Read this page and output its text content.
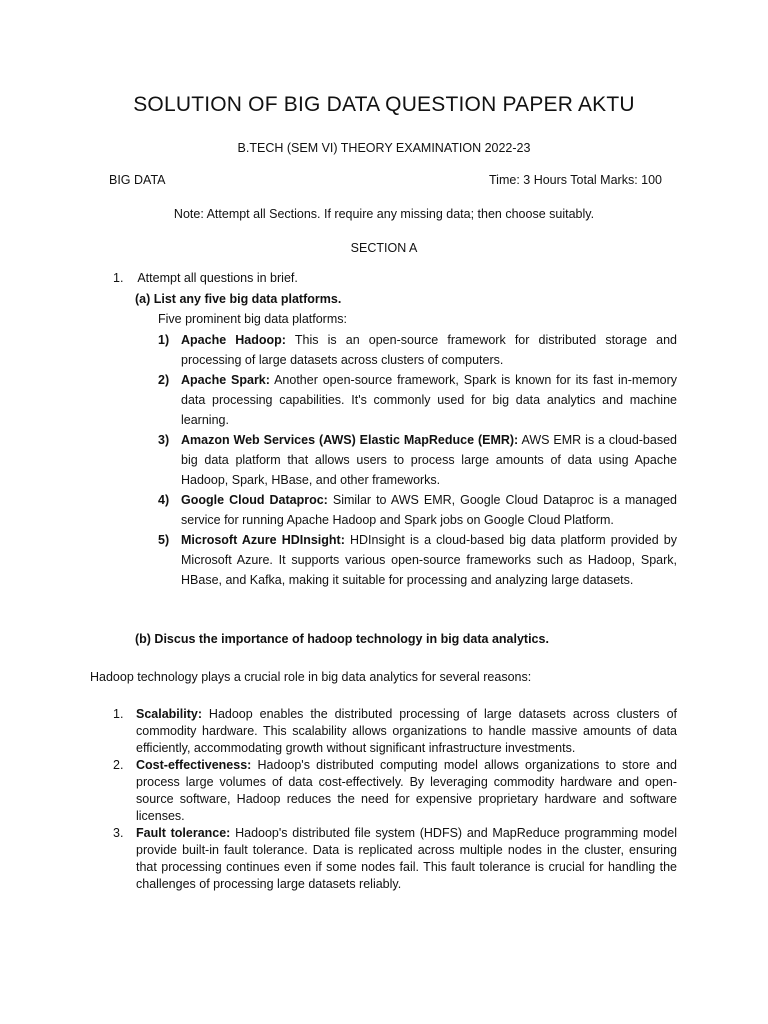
SOLUTION OF BIG DATA QUESTION PAPER AKTU
B.TECH (SEM VI) THEORY EXAMINATION 2022-23
BIG DATA	Time: 3 Hours Total Marks: 100
Note: Attempt all Sections. If require any missing data; then choose suitably.
SECTION A
1. Attempt all questions in brief.
(a) List any five big data platforms.
Five prominent big data platforms:
1) Apache Hadoop: This is an open-source framework for distributed storage and processing of large datasets across clusters of computers.
2) Apache Spark: Another open-source framework, Spark is known for its fast in-memory data processing capabilities. It's commonly used for big data analytics and machine learning.
3) Amazon Web Services (AWS) Elastic MapReduce (EMR): AWS EMR is a cloud-based big data platform that allows users to process large amounts of data using Apache Hadoop, Spark, HBase, and other frameworks.
4) Google Cloud Dataproc: Similar to AWS EMR, Google Cloud Dataproc is a managed service for running Apache Hadoop and Spark jobs on Google Cloud Platform.
5) Microsoft Azure HDInsight: HDInsight is a cloud-based big data platform provided by Microsoft Azure. It supports various open-source frameworks such as Hadoop, Spark, HBase, and Kafka, making it suitable for processing and analyzing large datasets.
(b) Discus the importance of hadoop technology in big data analytics.
Hadoop technology plays a crucial role in big data analytics for several reasons:
1. Scalability: Hadoop enables the distributed processing of large datasets across clusters of commodity hardware. This scalability allows organizations to handle massive amounts of data efficiently, accommodating growth without significant infrastructure investments.
2. Cost-effectiveness: Hadoop's distributed computing model allows organizations to store and process large volumes of data cost-effectively. By leveraging commodity hardware and open-source software, Hadoop reduces the need for expensive proprietary hardware and software licenses.
3. Fault tolerance: Hadoop's distributed file system (HDFS) and MapReduce programming model provide built-in fault tolerance. Data is replicated across multiple nodes in the cluster, ensuring that processing continues even if some nodes fail. This fault tolerance is crucial for handling the challenges of processing large datasets reliably.
